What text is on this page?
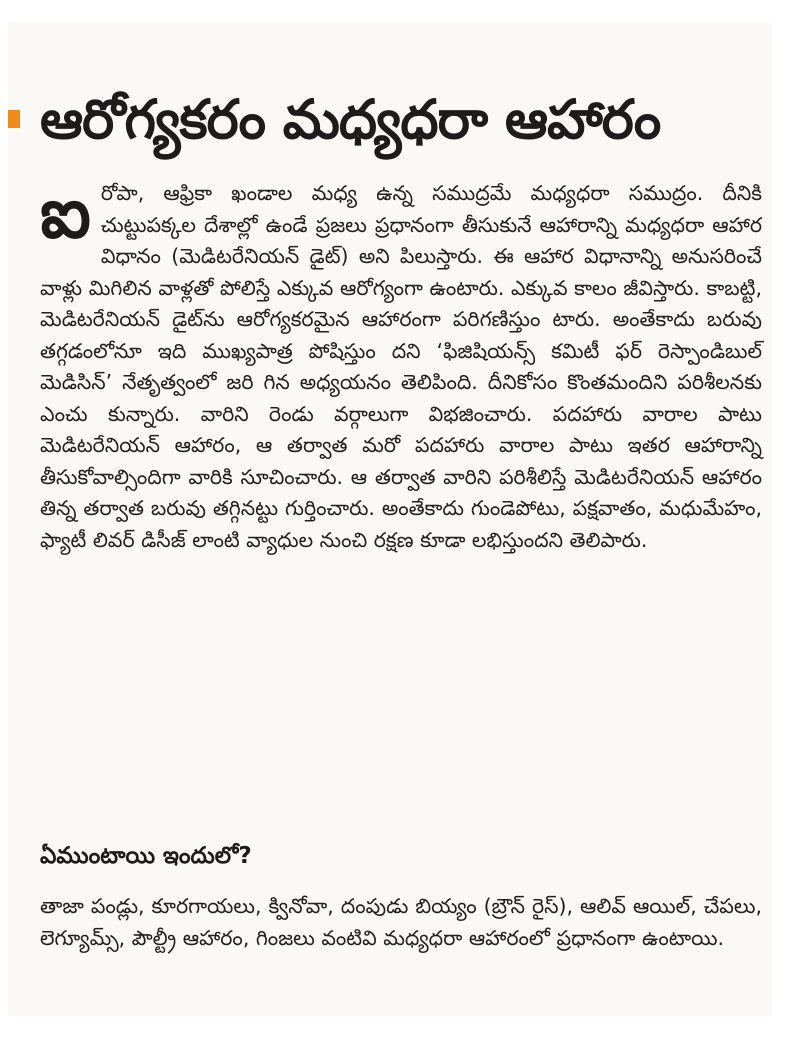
ఆరోగ్యకరం మధ్యధరా ఆహారం
ఐ రోపా, ఆఫ్రికా ఖండాల మధ్య ఉన్న సముద్రమే మధ్యధరా సముద్రం. దీనికి చుట్టుపక్కల దేశాల్లో ఉండే ప్రజలు ప్రధానంగా తీసుకునే ఆహారాన్ని మధ్యధరా ఆహార విధానం (మెడిటరేనియన్ డైట్) అని పిలుస్తారు. ఈ ఆహార విధానాన్ని అనుసరించే వాళ్లు మిగిలిన వాళ్లతో పోలిస్తే ఎక్కువ ఆరోగ్యంగా ఉంటారు. ఎక్కువ కాలం జీవిస్తారు. కాబట్టి, మెడిటరేనియన్ డైట్‌ను ఆరోగ్యకరమైన ఆహారంగా పరిగణిస్తుం టారు. అంతేకాదు బరువు తగ్గడంలోనూ ఇది ముఖ్యపాత్ర పోషిస్తుం దని ‘ఫిజిషియన్స్ కమిటీ ఫర్ రెస్పాండిబుల్ మెడిసిన్’ నేతృత్వంలో జరి గిన అధ్యయనం తెలిపింది. దీనికోసం కొంతమందిని పరిశీలనకు ఎంచు కున్నారు. వారిని రెండు వర్గాలుగా విభజించారు. పదహారు వారాల పాటు మెడిటరేనియన్ ఆహారం, ఆ తర్వాత మరో పదహారు వారాల పాటు ఇతర ఆహారాన్ని తీసుకోవాల్సిందిగా వారికి సూచించారు. ఆ తర్వాత వారిని పరిశీలిస్తే మెడిటరేనియన్ ఆహారం తిన్న తర్వాత బరువు తగ్గినట్టు గుర్తించారు. అంతేకాదు గుండెపోటు, పక్షవాతం, మధుమేహం, ఫ్యాటీ లివర్ డిసీజ్ లాంటి వ్యాధుల నుంచి రక్షణ కూడా లభిస్తుందని తెలిపారు.

ఏముంటాయి ఇందులో?

తాజా పండ్లు, కూరగాయలు, క్వినోవా, దంపుడు బియ్యం (బ్రౌన్ రైస్), ఆలివ్ ఆయిల్, చేపలు, లెగ్యూమ్స్, పౌల్ట్రీ ఆహారం, గింజలు వంటివి మధ్యధరా ఆహారంలో ప్రధానంగా ఉంటాయి.
